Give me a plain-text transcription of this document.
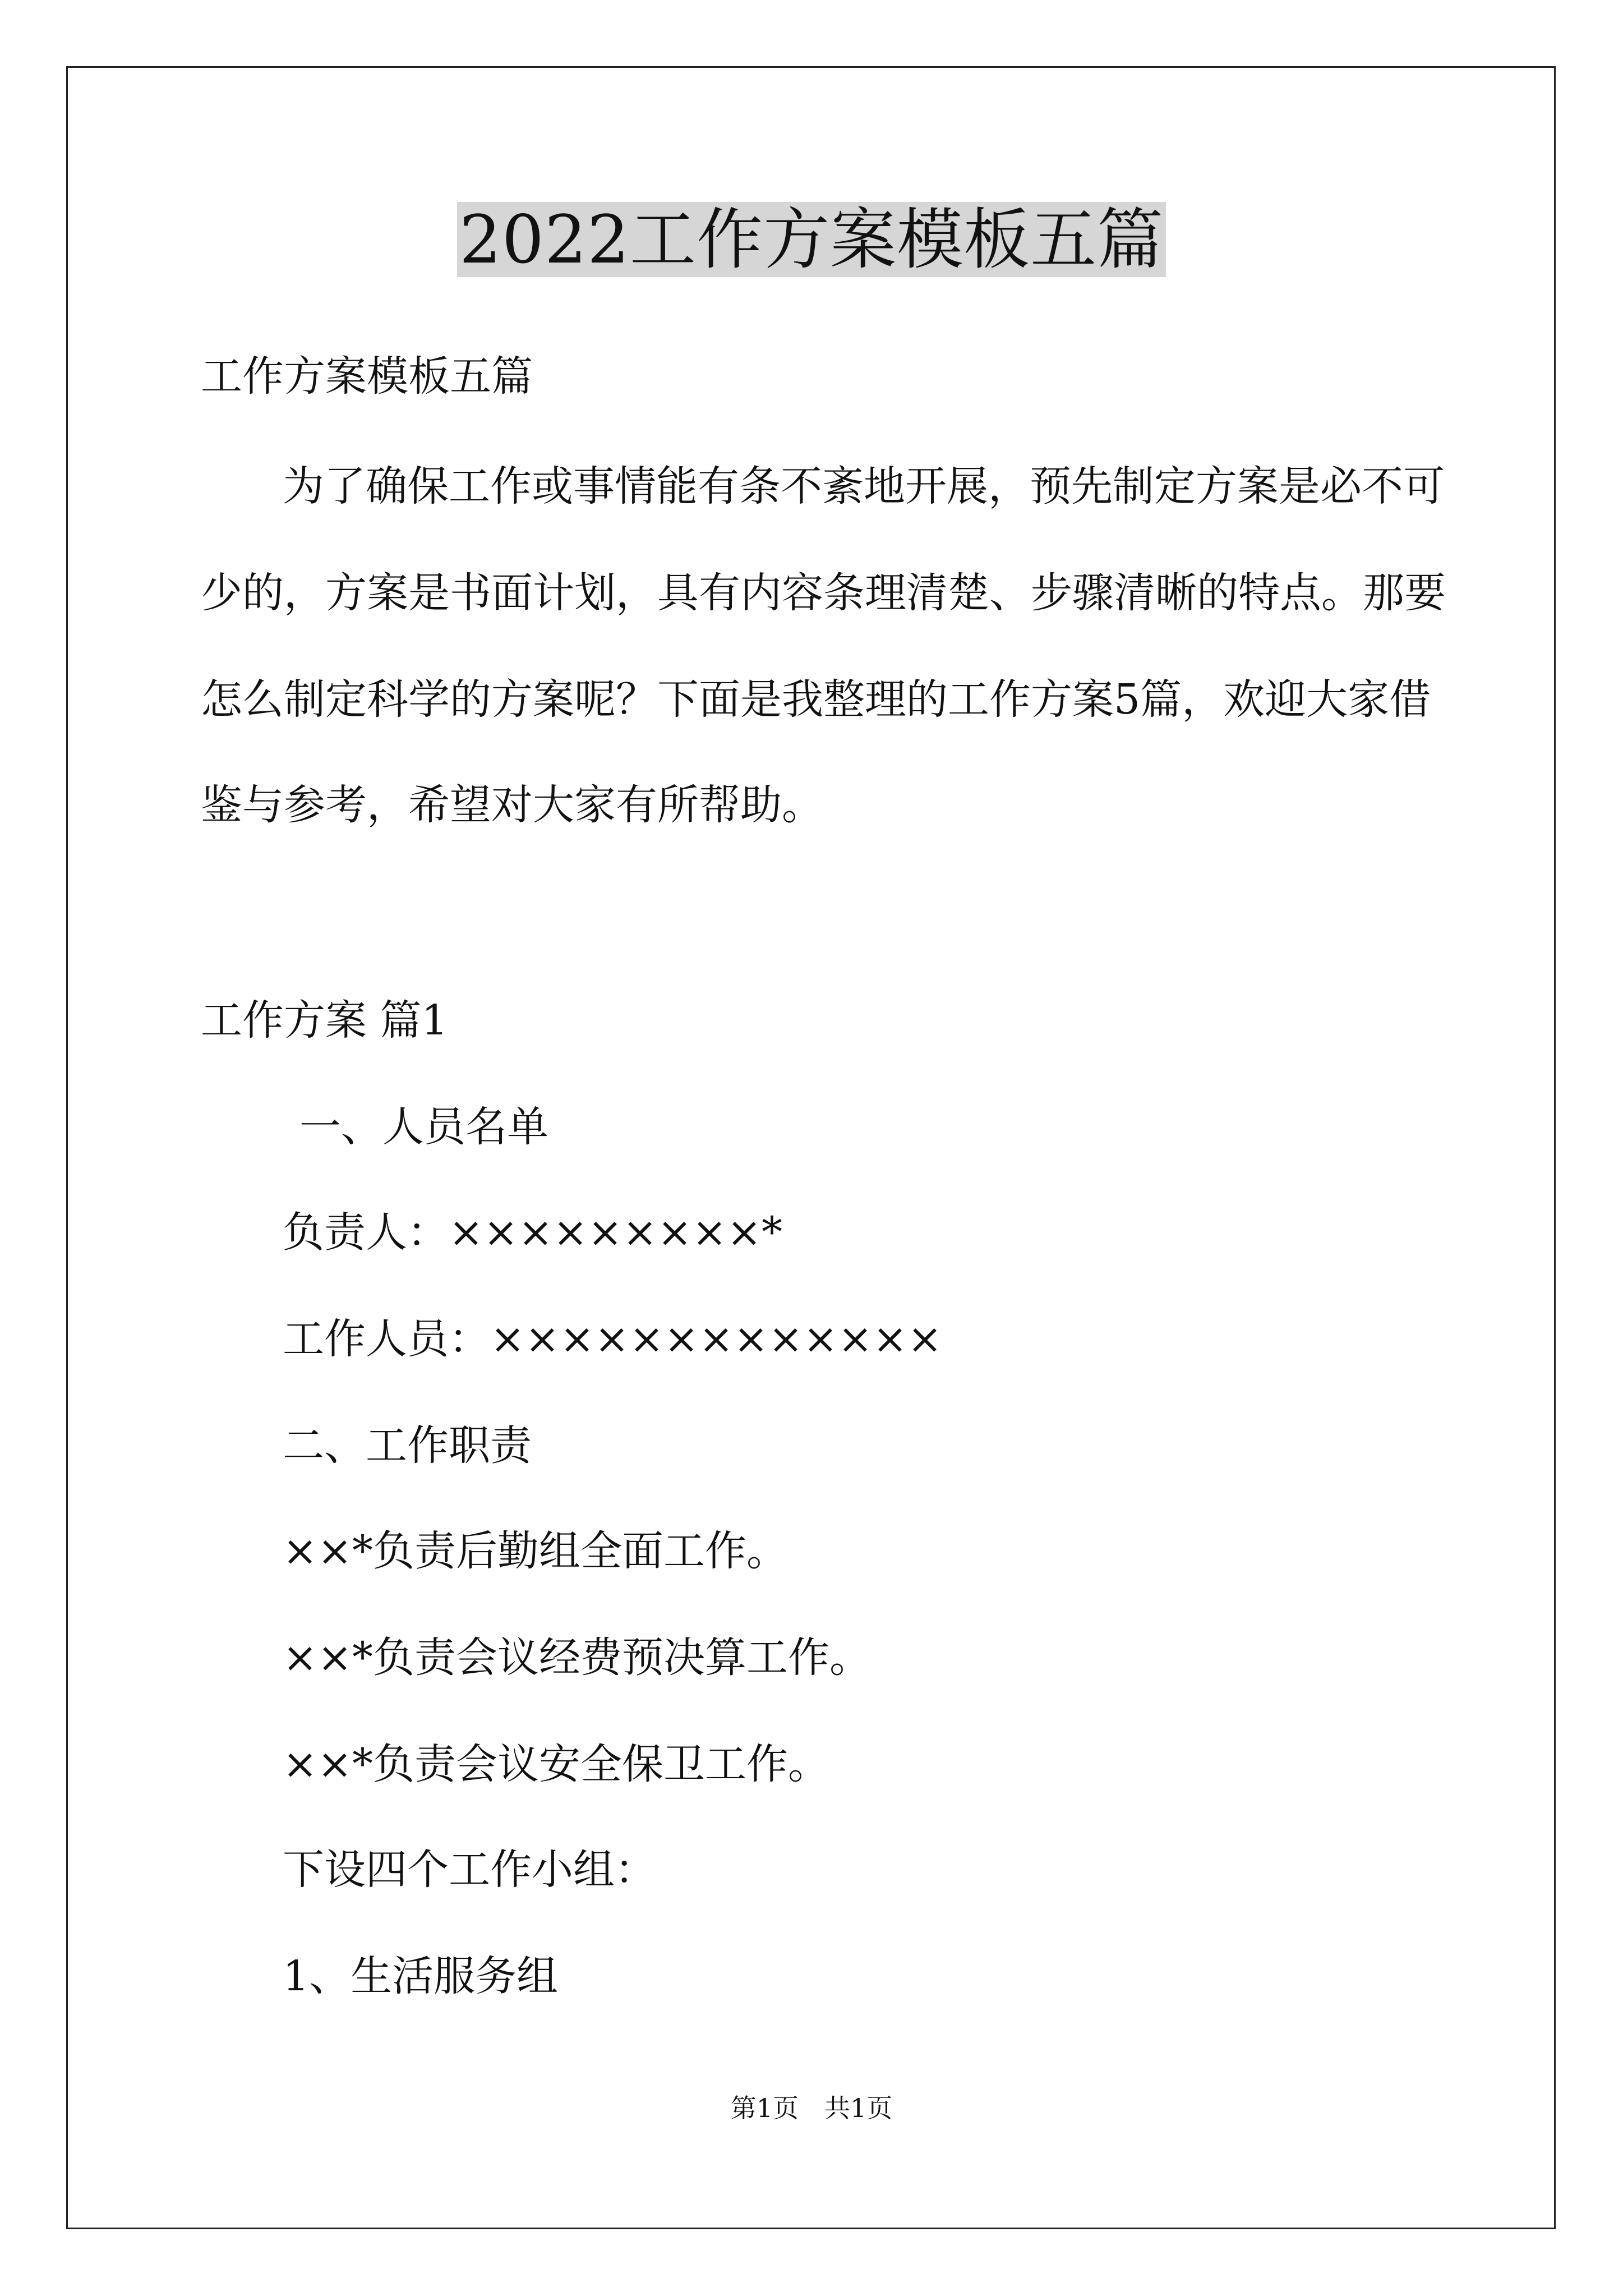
2022工作方案模板五篇
工作方案模板五篇
为了确保工作或事情能有条不紊地开展，预先制定方案是必不可
少的，方案是书面计划，具有内容条理清楚、步骤清晰的特点。那要
怎么制定科学的方案呢？下面是我整理的工作方案5篇，欢迎大家借
鉴与参考，希望对大家有所帮助。
工作方案 篇1
一、人员名单
负责人：×××××××××*
工作人员：×××××××××××××
二、工作职责
××*负责后勤组全面工作。
××*负责会议经费预决算工作。
××*负责会议安全保卫工作。
下设四个工作小组：
1、生活服务组
第1页　共1页
